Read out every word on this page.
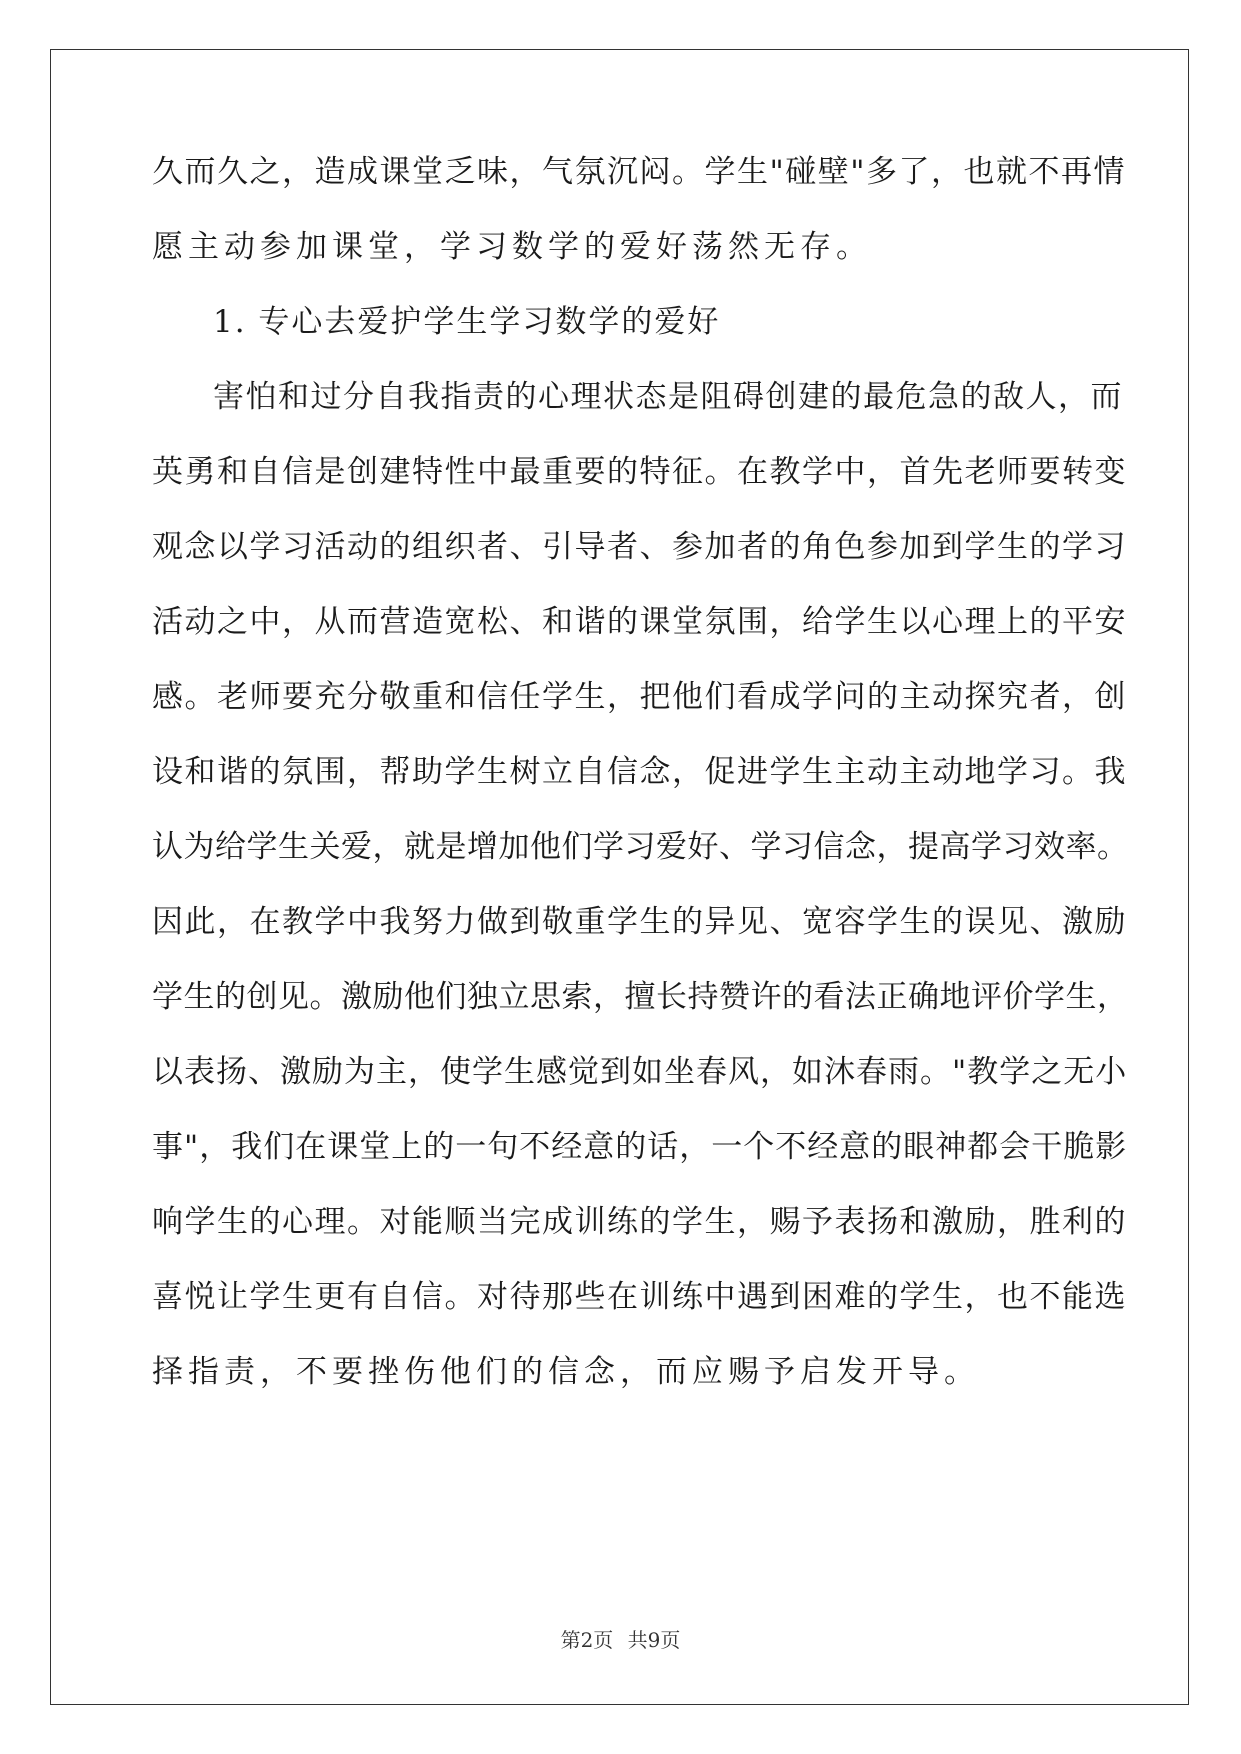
久而久之，造成课堂乏味，气氛沉闷。学生"碰壁"多了，也就不再情
愿主动参加课堂，学习数学的爱好荡然无存。
1. 专心去爱护学生学习数学的爱好
害怕和过分自我指责的心理状态是阻碍创建的最危急的敌人，而
英勇和自信是创建特性中最重要的特征。在教学中，首先老师要转变
观念以学习活动的组织者、引导者、参加者的角色参加到学生的学习
活动之中，从而营造宽松、和谐的课堂氛围，给学生以心理上的平安
感。老师要充分敬重和信任学生，把他们看成学问的主动探究者，创
设和谐的氛围，帮助学生树立自信念，促进学生主动主动地学习。我
认为给学生关爱，就是增加他们学习爱好、学习信念，提高学习效率。
因此，在教学中我努力做到敬重学生的异见、宽容学生的误见、激励
学生的创见。激励他们独立思索，擅长持赞许的看法正确地评价学生，
以表扬、激励为主，使学生感觉到如坐春风，如沐春雨。"教学之无小
事"，我们在课堂上的一句不经意的话，一个不经意的眼神都会干脆影
响学生的心理。对能顺当完成训练的学生，赐予表扬和激励，胜利的
喜悦让学生更有自信。对待那些在训练中遇到困难的学生，也不能选
择指责，不要挫伤他们的信念，而应赐予启发开导。
第2页 共9页
